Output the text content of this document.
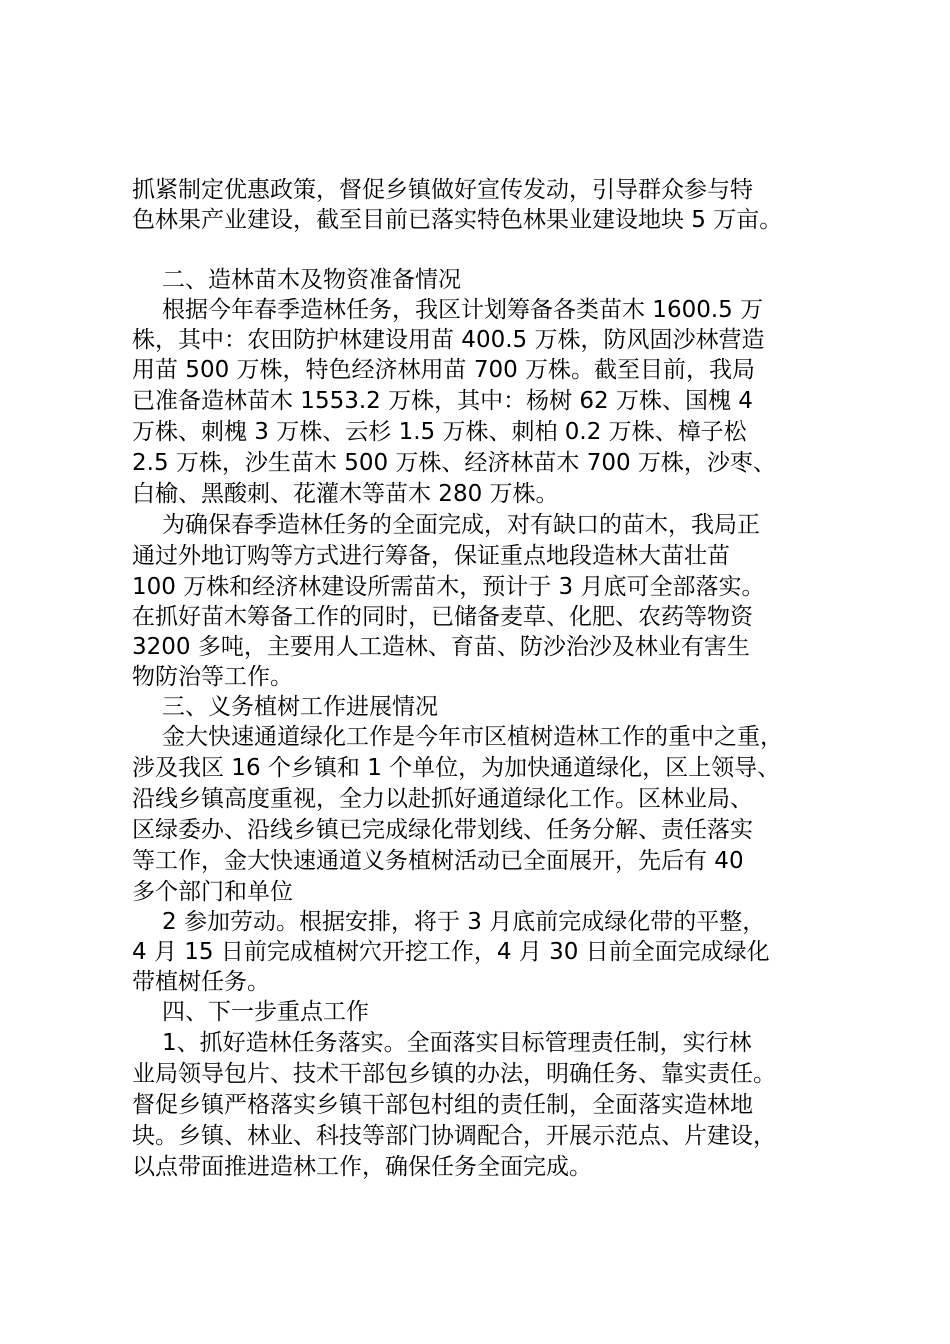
抓紧制定优惠政策，督促乡镇做好宣传发动，引导群众参与特
色林果产业建设，截至目前已落实特色林果业建设地块 5 万亩。
二、造林苗木及物资准备情况
根据今年春季造林任务，我区计划筹备各类苗木 1600.5 万
株，其中：农田防护林建设用苗 400.5 万株，防风固沙林营造
用苗 500 万株，特色经济林用苗 700 万株。截至目前，我局
已准备造林苗木 1553.2 万株，其中：杨树 62 万株、国槐 4
万株、刺槐 3 万株、云杉 1.5 万株、刺柏 0.2 万株、樟子松
2.5 万株，沙生苗木 500 万株、经济林苗木 700 万株，沙枣、
白榆、黑酸刺、花灌木等苗木 280 万株。
为确保春季造林任务的全面完成，对有缺口的苗木，我局正
通过外地订购等方式进行筹备，保证重点地段造林大苗壮苗
100 万株和经济林建设所需苗木，预计于 3 月底可全部落实。
在抓好苗木筹备工作的同时，已储备麦草、化肥、农药等物资
3200 多吨，主要用人工造林、育苗、防沙治沙及林业有害生
物防治等工作。
三、义务植树工作进展情况
金大快速通道绿化工作是今年市区植树造林工作的重中之重，
涉及我区 16 个乡镇和 1 个单位，为加快通道绿化，区上领导、
沿线乡镇高度重视，全力以赴抓好通道绿化工作。区林业局、
区绿委办、沿线乡镇已完成绿化带划线、任务分解、责任落实
等工作，金大快速通道义务植树活动已全面展开，先后有 40
多个部门和单位
2 参加劳动。根据安排，将于 3 月底前完成绿化带的平整，
4 月 15 日前完成植树穴开挖工作，4 月 30 日前全面完成绿化
带植树任务。
四、下一步重点工作
1、抓好造林任务落实。全面落实目标管理责任制，实行林
业局领导包片、技术干部包乡镇的办法，明确任务、靠实责任。
督促乡镇严格落实乡镇干部包村组的责任制，全面落实造林地
块。乡镇、林业、科技等部门协调配合，开展示范点、片建设，
以点带面推进造林工作，确保任务全面完成。
